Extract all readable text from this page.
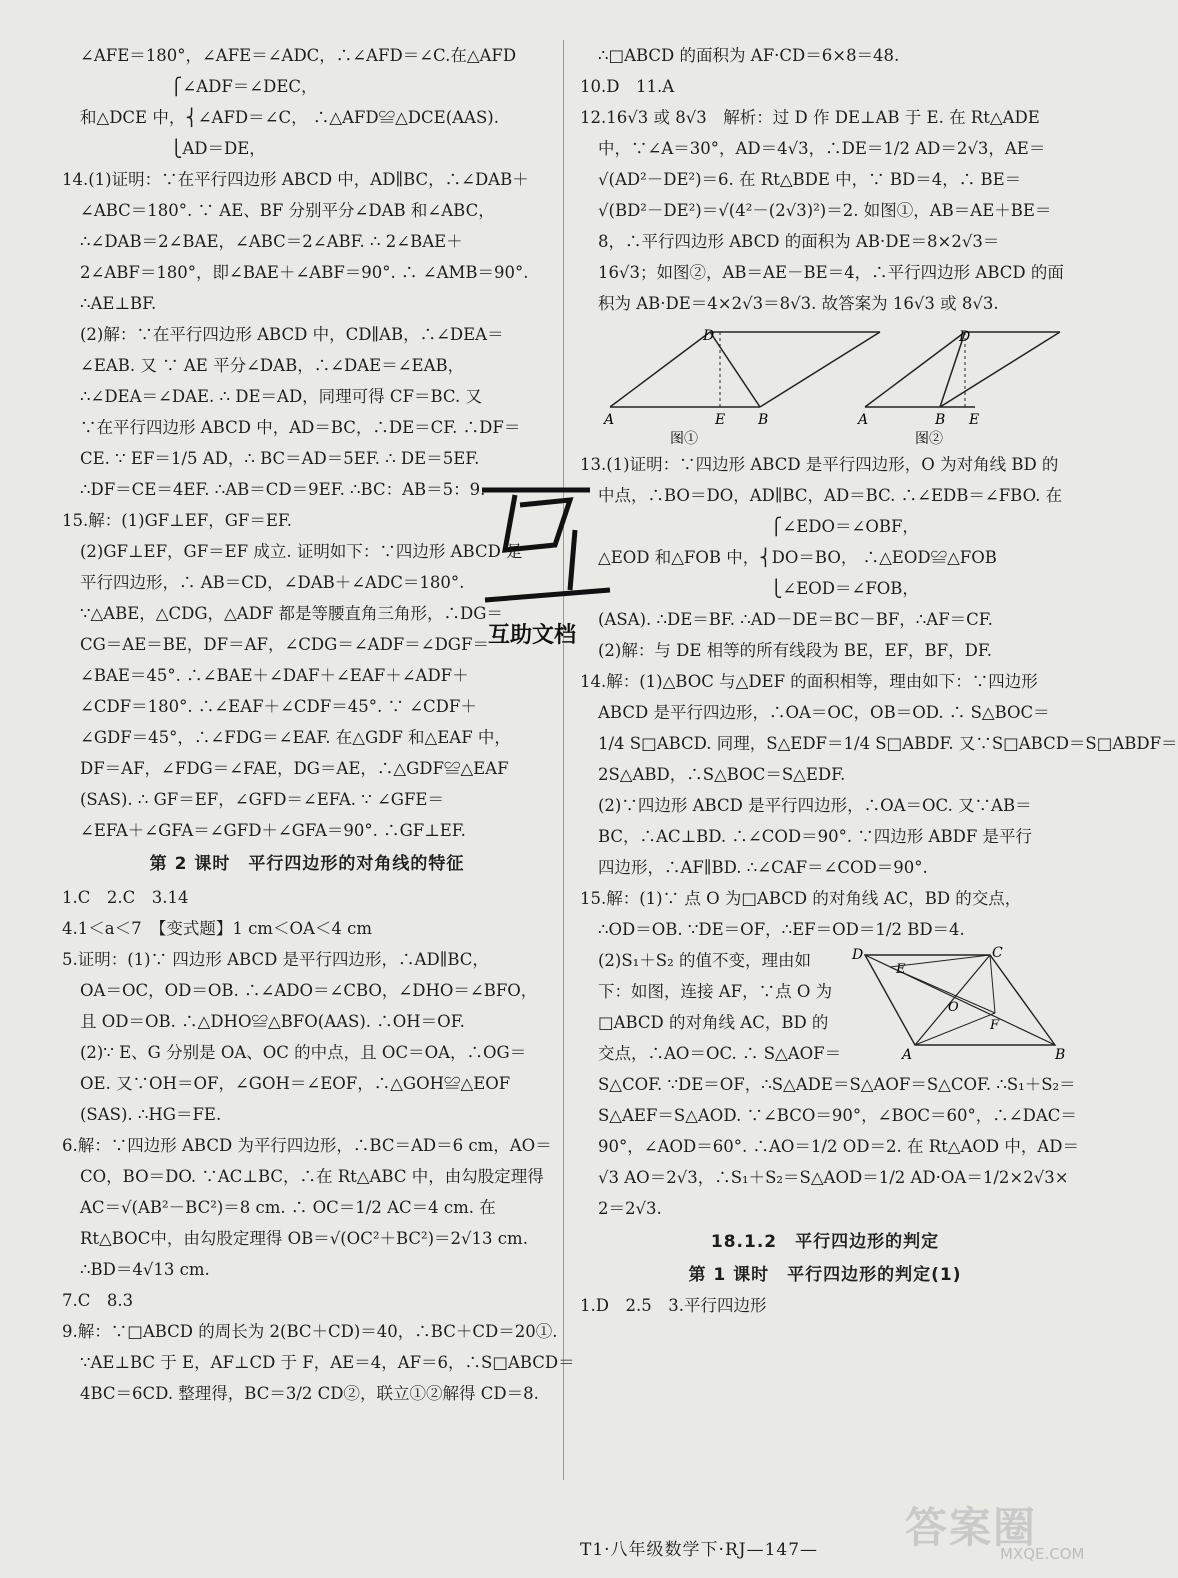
∠AFE＝180°，∠AFE＝∠ADC，∴∠AFD＝∠C.在△AFD
⎧∠ADF＝∠DEC，
和△DCE 中，⎨∠AFD＝∠C， ∴△AFD≌△DCE(AAS).
⎩AD＝DE，
14.(1)证明：∵在平行四边形 ABCD 中，AD∥BC，∴∠DAB＋
∠ABC＝180°. ∵ AE、BF 分别平分∠DAB 和∠ABC，
∴∠DAB＝2∠BAE，∠ABC＝2∠ABF. ∴ 2∠BAE＋
2∠ABF＝180°，即∠BAE＋∠ABF＝90°. ∴ ∠AMB＝90°.
∴AE⊥BF.
(2)解：∵在平行四边形 ABCD 中，CD∥AB，∴∠DEA＝
∠EAB. 又 ∵ AE 平分∠DAB，∴∠DAE＝∠EAB，
∴∠DEA＝∠DAE. ∴ DE＝AD，同理可得 CF＝BC. 又
∵在平行四边形 ABCD 中，AD＝BC，∴DE＝CF. ∴DF＝
CE. ∵ EF＝1/5 AD，∴ BC＝AD＝5EF. ∴ DE＝5EF.
∴DF＝CE＝4EF. ∴AB＝CD＝9EF. ∴BC：AB＝5：9.
15.解：(1)GF⊥EF，GF＝EF.
(2)GF⊥EF，GF＝EF 成立. 证明如下：∵四边形 ABCD 是
平行四边形，∴ AB＝CD，∠DAB＋∠ADC＝180°.
∵△ABE，△CDG，△ADF 都是等腰直角三角形，∴DG＝
CG＝AE＝BE，DF＝AF，∠CDG＝∠ADF＝∠DGF＝
∠BAE＝45°. ∴∠BAE＋∠DAF＋∠EAF＋∠ADF＋
∠CDF＝180°. ∴∠EAF＋∠CDF＝45°. ∵ ∠CDF＋
∠GDF＝45°，∴∠FDG＝∠EAF. 在△GDF 和△EAF 中，
DF＝AF，∠FDG＝∠FAE，DG＝AE，∴△GDF≌△EAF
(SAS). ∴ GF＝EF，∠GFD＝∠EFA. ∵ ∠GFE＝
∠EFA＋∠GFA＝∠GFD＋∠GFA＝90°. ∴GF⊥EF.
第 2 课时　平行四边形的对角线的特征
1.C　2.C　3.14
4.1＜a＜7　【变式题】1 cm＜OA＜4 cm
5.证明：(1)∵ 四边形 ABCD 是平行四边形，∴AD∥BC，
OA＝OC，OD＝OB. ∴∠ADO＝∠CBO，∠DHO＝∠BFO，
且 OD＝OB. ∴△DHO≌△BFO(AAS). ∴OH＝OF.
(2)∵ E、G 分别是 OA、OC 的中点，且 OC＝OA，∴OG＝
OE. 又∵OH＝OF，∠GOH＝∠EOF，∴△GOH≌△EOF
(SAS). ∴HG＝FE.
6.解：∵四边形 ABCD 为平行四边形，∴BC＝AD＝6 cm，AO＝
CO，BO＝DO. ∵AC⊥BC，∴在 Rt△ABC 中，由勾股定理得
AC＝√(AB²－BC²)＝8 cm. ∴ OC＝1/2 AC＝4 cm. 在
Rt△BOC中，由勾股定理得 OB＝√(OC²＋BC²)＝2√13 cm.
∴BD＝4√13 cm.
7.C　8.3
9.解：∵□ABCD 的周长为 2(BC＋CD)＝40，∴BC＋CD＝20①.
∵AE⊥BC 于 E，AF⊥CD 于 F，AE＝4，AF＝6，∴S□ABCD＝
4BC＝6CD. 整理得，BC＝3/2 CD②，联立①②解得 CD＝8.
∴□ABCD 的面积为 AF·CD＝6×8＝48.
10.D　11.A
12.16√3 或 8√3　解析：过 D 作 DE⊥AB 于 E. 在 Rt△ADE
中，∵∠A＝30°，AD＝4√3，∴DE＝1/2 AD＝2√3，AE＝
√(AD²－DE²)＝6. 在 Rt△BDE 中，∵ BD＝4，∴ BE＝
√(BD²－DE²)＝√(4²－(2√3)²)＝2. 如图①，AB＝AE＋BE＝
8，∴平行四边形 ABCD 的面积为 AB·DE＝8×2√3＝
16√3；如图②，AB＝AE－BE＝4，∴平行四边形 ABCD 的面
积为 AB·DE＝4×2√3＝8√3. 故答案为 16√3 或 8√3.
A
D
E B
图①
A
D
B E
图②
13.(1)证明：∵四边形 ABCD 是平行四边形，O 为对角线 BD 的
中点，∴BO＝DO，AD∥BC，AD＝BC. ∴∠EDB＝∠FBO. 在
⎧∠EDO＝∠OBF，
△EOD 和△FOB 中，⎨DO＝BO， ∴△EOD≌△FOB
⎩∠EOD＝∠FOB，
(ASA). ∴DE＝BF. ∴AD－DE＝BC－BF，∴AF＝CF.
(2)解：与 DE 相等的所有线段为 BE，EF，BF，DF.
14.解：(1)△BOC 与△DEF 的面积相等，理由如下：∵四边形
ABCD 是平行四边形，∴OA＝OC，OB＝OD. ∴ S△BOC＝
1/4 S□ABCD. 同理，S△EDF＝1/4 S□ABDF. 又∵S□ABCD＝S□ABDF＝
2S△ABD，∴S△BOC＝S△EDF.
(2)∵四边形 ABCD 是平行四边形，∴OA＝OC. 又∵AB＝
BC，∴AC⊥BD. ∴∠COD＝90°. ∵四边形 ABDF 是平行
四边形，∴AF∥BD. ∴∠CAF＝∠COD＝90°.
15.解：(1)∵ 点 O 为□ABCD 的对角线 AC，BD 的交点，
∴OD＝OB. ∵DE＝OF，∴EF＝OD＝1/2 BD＝4.
(2)S₁＋S₂ 的值不变，理由如
下：如图，连接 AF，∵点 O 为
□ABCD 的对角线 AC，BD 的
交点，∴AO＝OC. ∴ S△AOF＝
D	C
E
O
F
A	B
S△COF. ∵DE＝OF，∴S△ADE＝S△AOF＝S△COF. ∴S₁＋S₂＝
S△AEF＝S△AOD. ∵∠BCO＝90°，∠BOC＝60°，∴∠DAC＝
90°，∠AOD＝60°. ∴AO＝1/2 OD＝2. 在 Rt△AOD 中，AD＝
√3 AO＝2√3，∴S₁＋S₂＝S△AOD＝1/2 AD·OA＝1/2×2√3×
2＝2√3.
18.1.2　平行四边形的判定
第 1 课时　平行四边形的判定(1)
1.D　2.5　3.平行四边形
互助文档
T1·八年级数学下·RJ—147—	答案圈
MXQE.COM
